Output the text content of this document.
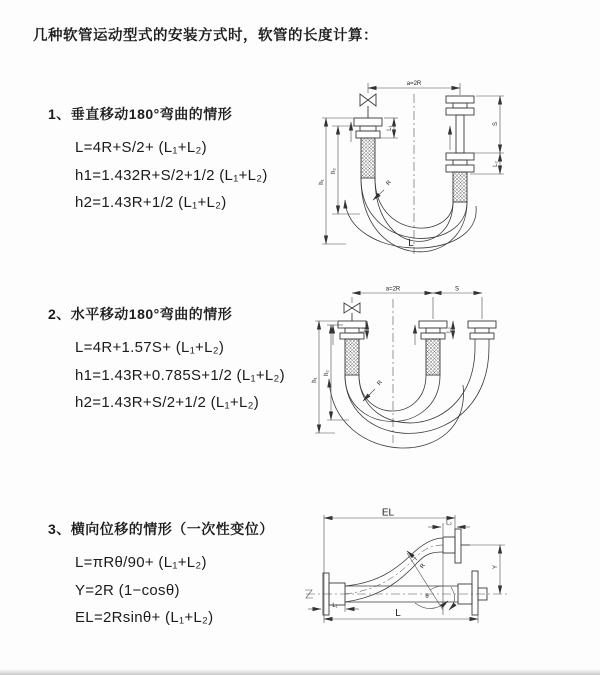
几种软管运动型式的安装方式时，软管的长度计算：
1、垂直移动180°弯曲的情形
L=4R+S/2+ (L₁+L₂)
h1=1.432R+S/2+1/2 (L₁+L₂)
h2=1.43R+1/2 (L₁+L₂)
2、水平移动180°弯曲的情形
L=4R+1.57S+ (L₁+L₂)
h1=1.43R+0.785S+1/2 (L₁+L₂)
h2=1.43R+S/2+1/2 (L₁+L₂)
3、横向位移的情形（一次性变位）
L=πRθ/90+ (L₁+L₂)
Y=2R (1−cosθ)
EL=2Rsinθ+ (L₁+L₂)
a=2R
L₁
S
L₂
L
h₁
h₂
R
a=2R	S
L₁	L₂
h₁
h₂
R
EL
L₂
Y
L
L₁
R
θ
